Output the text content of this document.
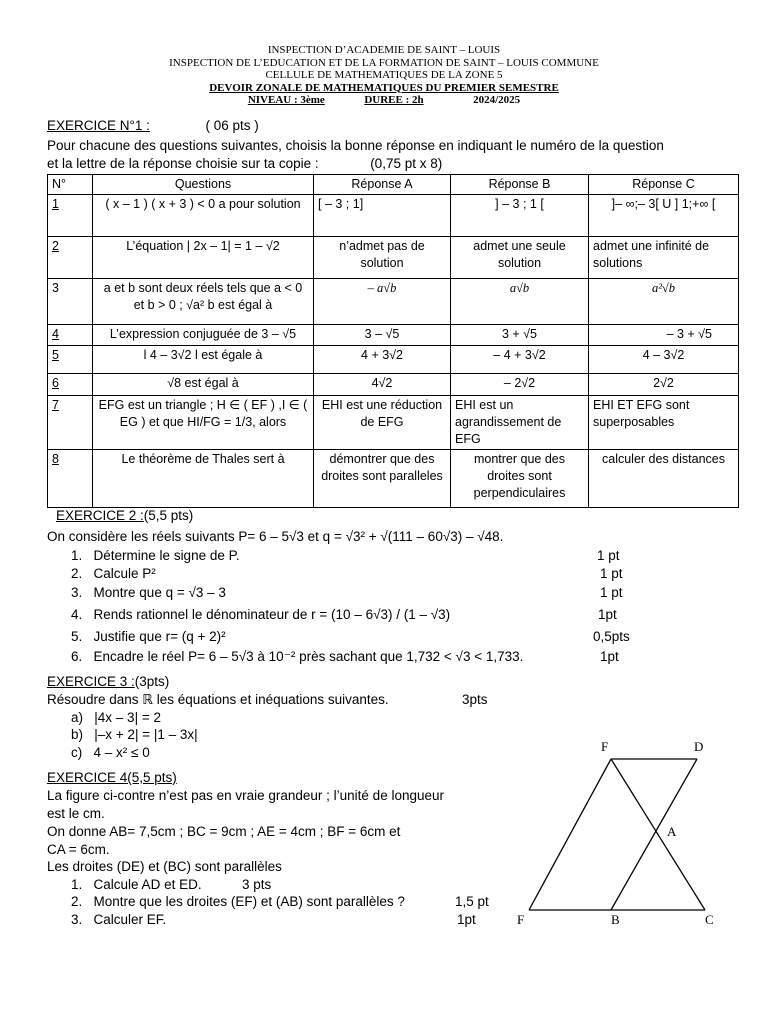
INSPECTION D’ACADEMIE DE SAINT – LOUIS
INSPECTION DE L’EDUCATION ET DE LA FORMATION DE SAINT – LOUIS COMMUNE
CELLULE DE MATHEMATIQUES DE LA ZONE 5
DEVOIR ZONALE DE MATHEMATIQUES DU PREMIER SEMESTRE
NIVEAU : 3ème	DUREE : 2h	2024/2025
EXERCICE N°1 :	( 06 pts )
Pour chacune des questions suivantes, choisis la bonne réponse en indiquant le numéro de la question
et la lettre de la réponse choisie sur ta copie :	(0,75 pt x 8)
N°	Questions	Réponse A	Réponse B	Réponse C
1	( x – 1 ) ( x + 3 ) < 0 a pour solution	[ – 3 ; 1]	] – 3 ; 1 [	]– ∞;– 3[ U ] 1;+∞ [
2	L’équation | 2x – 1| = 1 – √2	n’admet pas de solution	admet une seule solution	admet une infinité de solutions
3	a et b sont deux réels tels que a < 0 et b > 0 ; √a² b est égal à	– a√b	a√b	a²√b
4	L’expression conjuguée de 3 – √5	3 – √5	3 + √5	– 3 + √5
5	l 4 – 3√2 l est égale à	4 + 3√2	– 4 + 3√2	4 – 3√2
6	√8 est égal à	4√2	– 2√2	2√2
7	EFG est un triangle ; H ∈ ( EF ) ,I ∈ ( EG ) et que HI/FG = 1/3, alors	EHI est une réduction de EFG	EHI est un agrandissement de EFG	EHI ET EFG sont superposables
8	Le théorème de Thales sert à	démontrer que des droites sont paralleles	montrer que des droites sont perpendiculaires	calculer des distances
EXERCICE 2 :(5,5 pts)
On considère les réels suivants P= 6 – 5√3 et q = √3² + √(111 – 60√3) – √48.
1. Détermine le signe de P.	1 pt
2. Calcule P²	1 pt
3. Montre que q = √3 – 3	1 pt
4. Rends rationnel le dénominateur de r = (10 – 6√3) / (1 – √3)	1pt
5. Justifie que r= (q + 2)²	0,5pts
6. Encadre le réel P= 6 – 5√3 à 10⁻² près sachant que 1,732 < √3 < 1,733.	1pt
EXERCICE 3 :(3pts)
Résoudre dans ℝ les équations et inéquations suivantes.	3pts
a) |4x – 3| = 2
b) |–x + 2| = |1 – 3x|
c) 4 – x² ≤ 0
EXERCICE 4(5,5 pts)
La figure ci-contre n’est pas en vraie grandeur ; l’unité de longueur
est le cm.
On donne AB= 7,5cm ; BC = 9cm ; AE = 4cm ; BF = 6cm et
CA = 6cm.
Les droites (DE) et (BC) sont parallèles
1. Calcule AD et ED.	3 pts
2. Montre que les droites (EF) et (AB) sont parallèles ?	1,5 pt
3. Calculer EF.	1pt
F	D
A
F	B	C
